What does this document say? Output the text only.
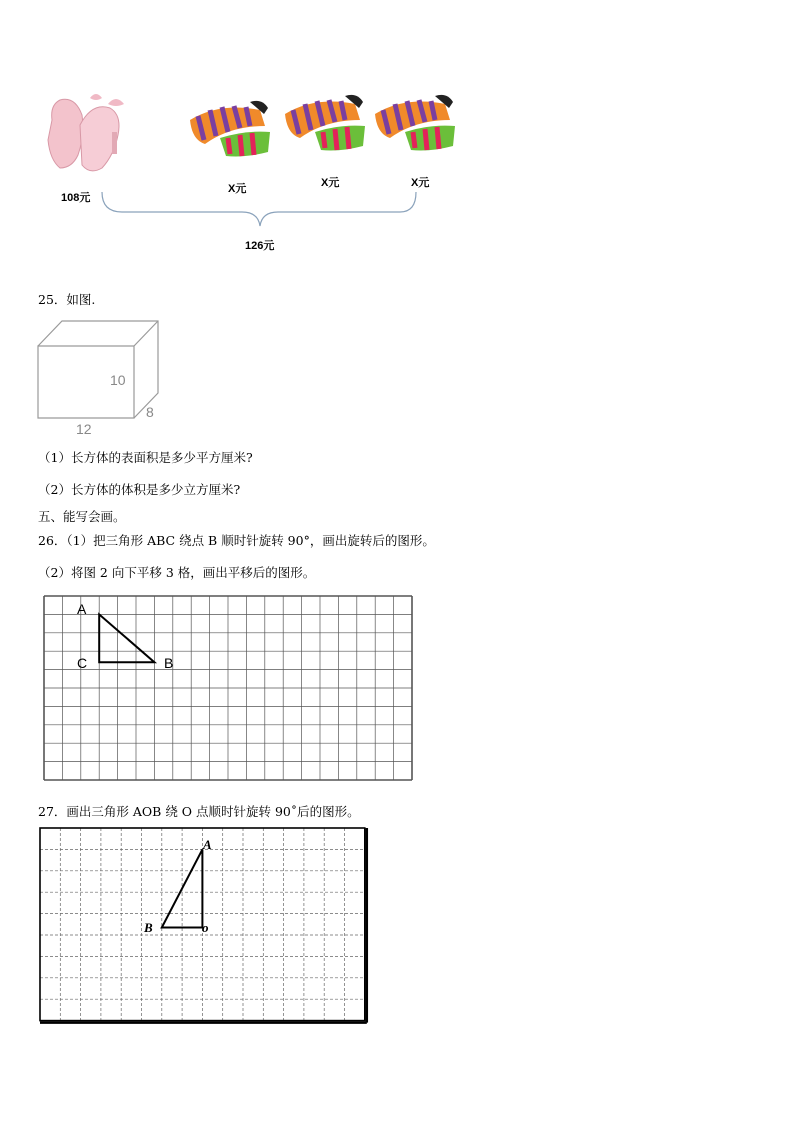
108元
X元	X元	X元
126元
25．如图.
10
12
8
（1）长方体的表面积是多少平方厘米?
（2）长方体的体积是多少立方厘米?
五、能写会画。
26．（1）把三角形 ABC 绕点 B 顺时针旋转 90°，画出旋转后的图形。
（2）将图 2 向下平移 3 格，画出平移后的图形。
A
C	B
27．画出三角形 AOB 绕 O 点顺时针旋转 90˚后的图形。
A
B	o
